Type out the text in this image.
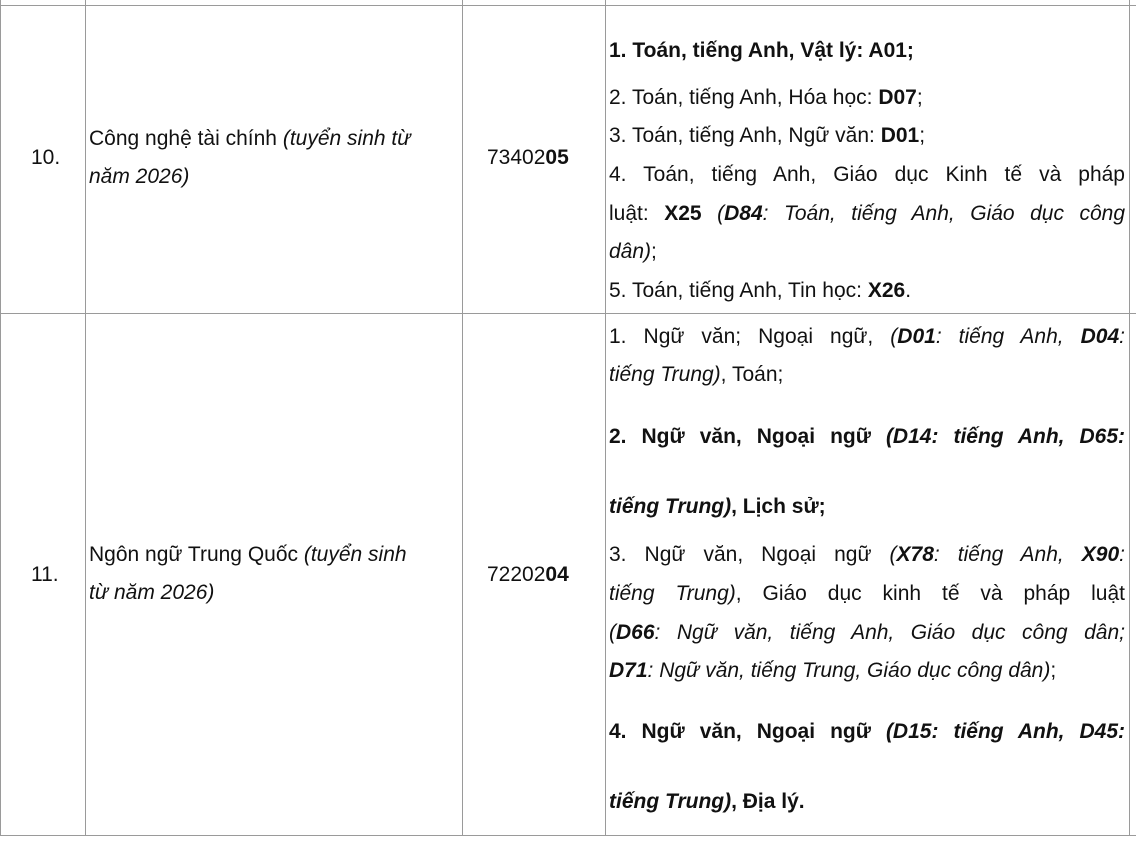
10.
Công nghệ tài chính (tuyển sinh từ
năm 2026)
7340205
1. Toán, tiếng Anh, Vật lý: A01;
2. Toán, tiếng Anh, Hóa học: D07;
3. Toán, tiếng Anh, Ngữ văn: D01;
4. Toán, tiếng Anh, Giáo dục Kinh tế và pháp
luật: X25 (D84: Toán, tiếng Anh, Giáo dục công
dân);
5. Toán, tiếng Anh, Tin học: X26.
11.
Ngôn ngữ Trung Quốc (tuyển sinh
từ năm 2026)
7220204
1. Ngữ văn; Ngoại ngữ, (D01: tiếng Anh, D04:
tiếng Trung), Toán;
2. Ngữ văn, Ngoại ngữ (D14: tiếng Anh, D65:
tiếng Trung), Lịch sử;
3. Ngữ văn, Ngoại ngữ (X78: tiếng Anh, X90:
tiếng Trung), Giáo dục kinh tế và pháp luật
(D66: Ngữ văn, tiếng Anh, Giáo dục công dân;
D71: Ngữ văn, tiếng Trung, Giáo dục công dân);
4. Ngữ văn, Ngoại ngữ (D15: tiếng Anh, D45:
tiếng Trung), Địa lý.
